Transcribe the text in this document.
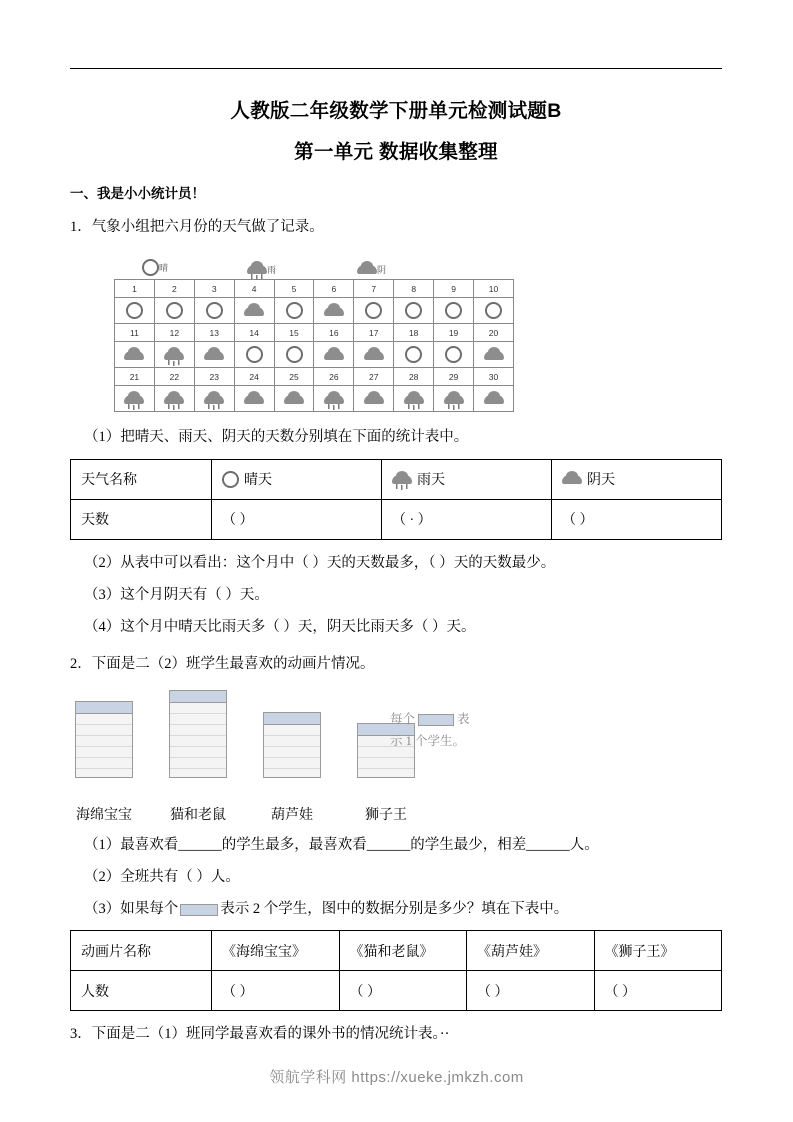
人教版二年级数学下册单元检测试题B
第一单元 数据收集整理

一、我是小小统计员！

1．气象小组把六月份的天气做了记录。

晴	雨	阴
1	2	3	4	5	6	7	8	9	10

11	12	13	14	15	16	17	18	19	20

21	22	23	24	25	26	27	28	29	30

（1）把晴天、雨天、阴天的天数分别填在下面的统计表中。

天气名称	晴天	雨天	阴天

天数	（ ）	（ · ）	（ ）

（2）从表中可以看出：这个月中（ ）天的天数最多，（ ）天的天数最少。

（3）这个月阴天有（ ）天。

（4）这个月中晴天比雨天多（ ）天，阴天比雨天多（ ）天。

2．下面是二（2）班学生最喜欢的动画片情况。

每个	表
示 1 个学生。
海绵宝宝	猫和老鼠	葫芦娃	狮子王

（1）最喜欢看______的学生最多，最喜欢看______的学生最少，相差______人。

（2）全班共有（ ）人。

（3）如果每个	表示 2 个学生，图中的数据分别是多少？填在下表中。

动画片名称	《海绵宝宝》	《猫和老鼠》	《葫芦娃》	《狮子王》
人数	（ ）	（ ）	（ ）	（ ）

3．下面是二（1）班同学最喜欢看的课外书的情况统计表。··

领航学科网 https://xueke.jmkzh.com
